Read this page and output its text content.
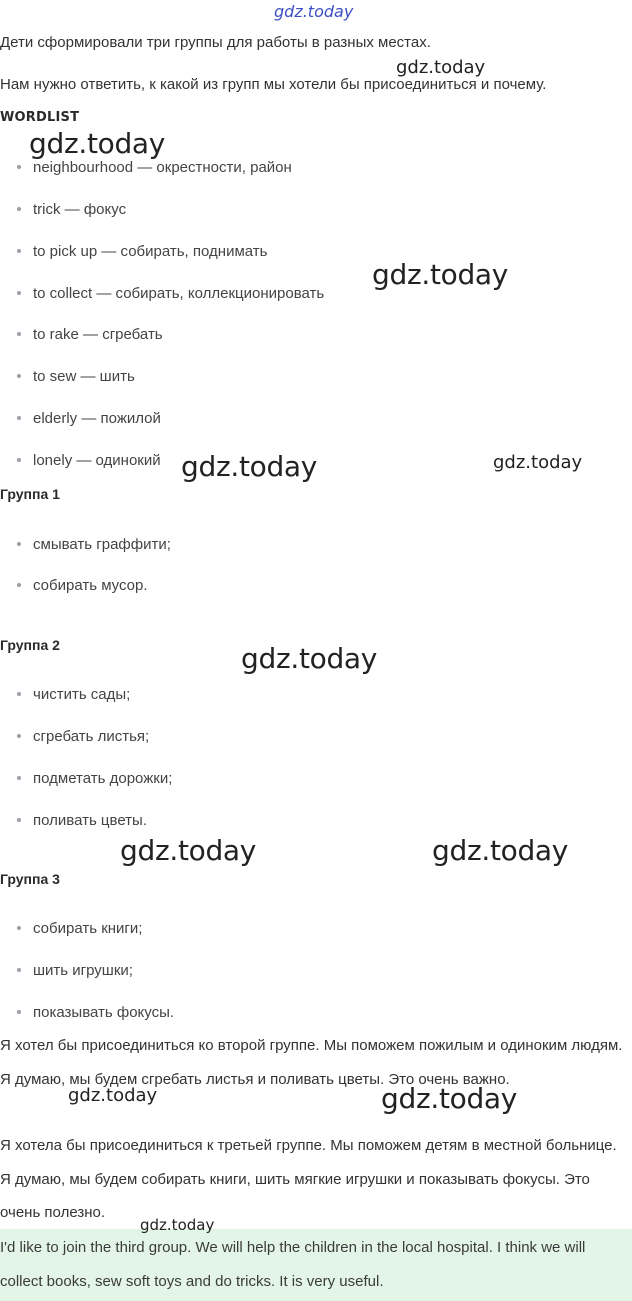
Дети сформировали три группы для работы в разных местах.
Нам нужно ответить, к какой из групп мы хотели бы присоединиться и почему.
WORDLIST
neighbourhood — окрестности, район
trick — фокус
to pick up — собирать, поднимать
to collect — собирать, коллекционировать
to rake — сгребать
to sew — шить
elderly — пожилой
lonely — одинокий
Группа 1
смывать граффити;
собирать мусор.
Группа 2
чистить сады;
сгребать листья;
подметать дорожки;
поливать цветы.
Группа 3
собирать книги;
шить игрушки;
показывать фокусы.
Я хотел бы присоединиться ко второй группе. Мы поможем пожилым и одиноким людям. Я думаю, мы будем сгребать листья и поливать цветы. Это очень важно.
Я хотела бы присоединиться к третьей группе. Мы поможем детям в местной больнице. Я думаю, мы будем собирать книги, шить мягкие игрушки и показывать фокусы. Это очень полезно.
I'd like to join the third group. We will help the children in the local hospital. I think we will collect books, sew soft toys and do tricks. It is very useful.
gdz.today
gdz.today
gdz.today
gdz.today
gdz.today	gdz.today
gdz.today
gdz.today	gdz.today
gdz.today	gdz.today
gdz.today
